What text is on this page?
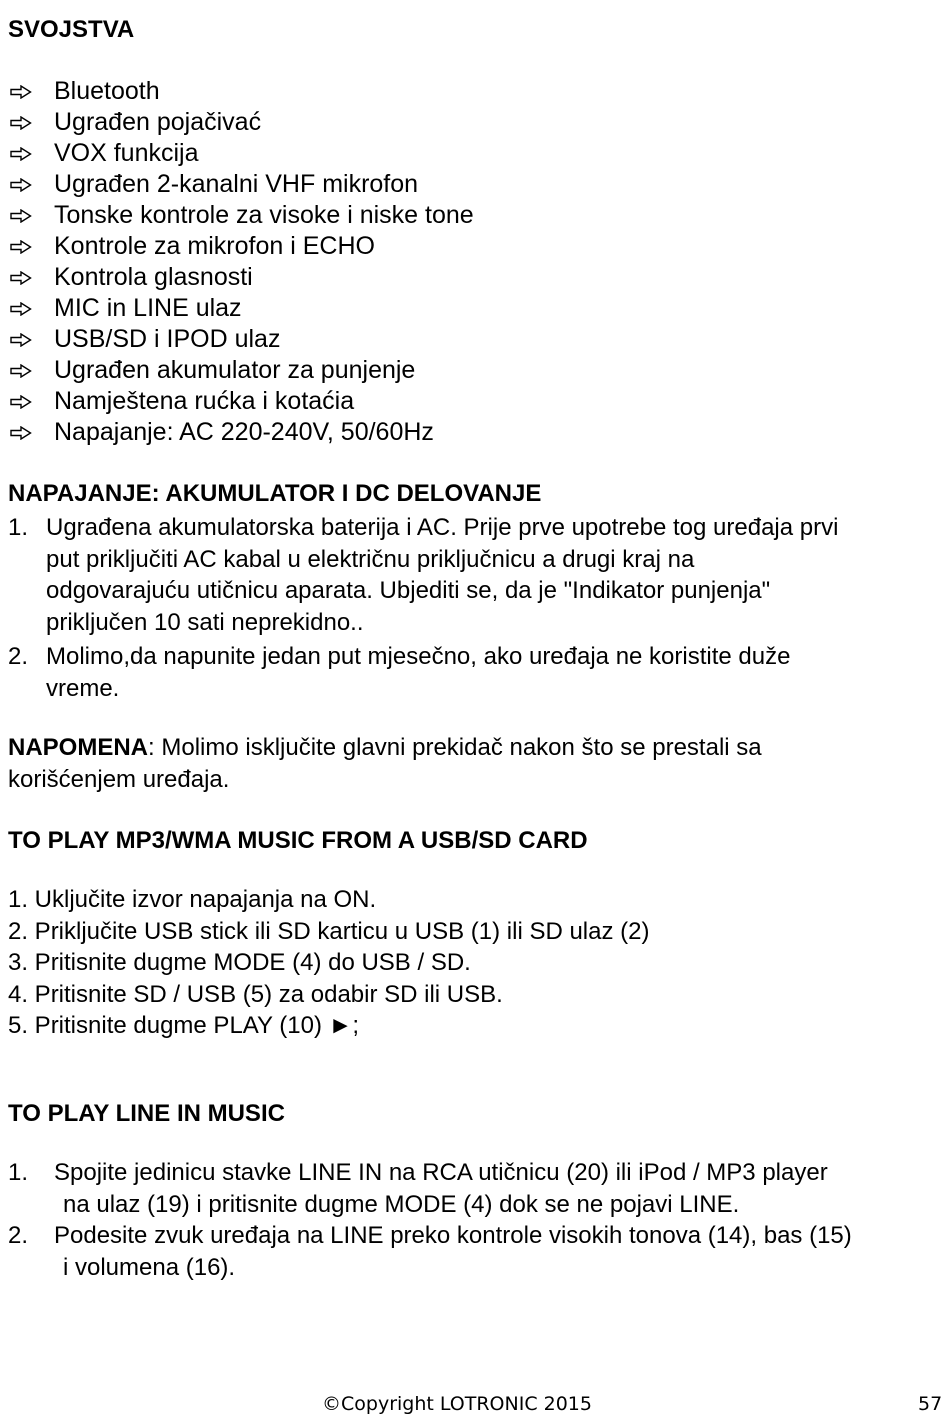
SVOJSTVA
Bluetooth
Ugrađen pojačivać
VOX funkcija
Ugrađen 2-kanalni VHF mikrofon
Tonske kontrole za visoke i niske tone
Kontrole za mikrofon i ECHO
Kontrola glasnosti
MIC in LINE ulaz
USB/SD i IPOD ulaz
Ugrađen akumulator za punjenje
Namještena rućka i kotaćia
Napajanje: AC 220-240V, 50/60Hz
NAPAJANJE: AKUMULATOR I DC DELOVANJE
1. Ugrađena akumulatorska baterija i AC. Prije prve upotrebe tog uređaja prvi
put priključiti AC kabal u električnu priključnicu a drugi kraj na
odgovarajuću utičnicu aparata. Ubjediti se, da je "Indikator punjenja"
priključen 10 sati neprekidno..
2. Molimo,da napunite jedan put mjesečno, ako uređaja ne koristite duže
vreme.
NAPOMENA: Molimo isključite glavni prekidač nakon što se prestali sa
korišćenjem uređaja.
TO PLAY MP3/WMA MUSIC FROM A USB/SD CARD
1. Uključite izvor napajanja na ON.
2. Priključite USB stick ili SD karticu u USB (1) ili SD ulaz (2)
3. Pritisnite dugme MODE (4) do USB / SD.
4. Pritisnite SD / USB (5) za odabir SD ili USB.
5. Pritisnite dugme PLAY (10) ►;
TO PLAY LINE IN MUSIC
1. Spojite jedinicu stavke LINE IN na RCA utičnicu (20) ili iPod / MP3 player
na ulaz (19) i pritisnite dugme MODE (4) dok se ne pojavi LINE.
2. Podesite zvuk uređaja na LINE preko kontrole visokih tonova (14), bas (15)
i volumena (16).
©Copyright LOTRONIC 2015	57
